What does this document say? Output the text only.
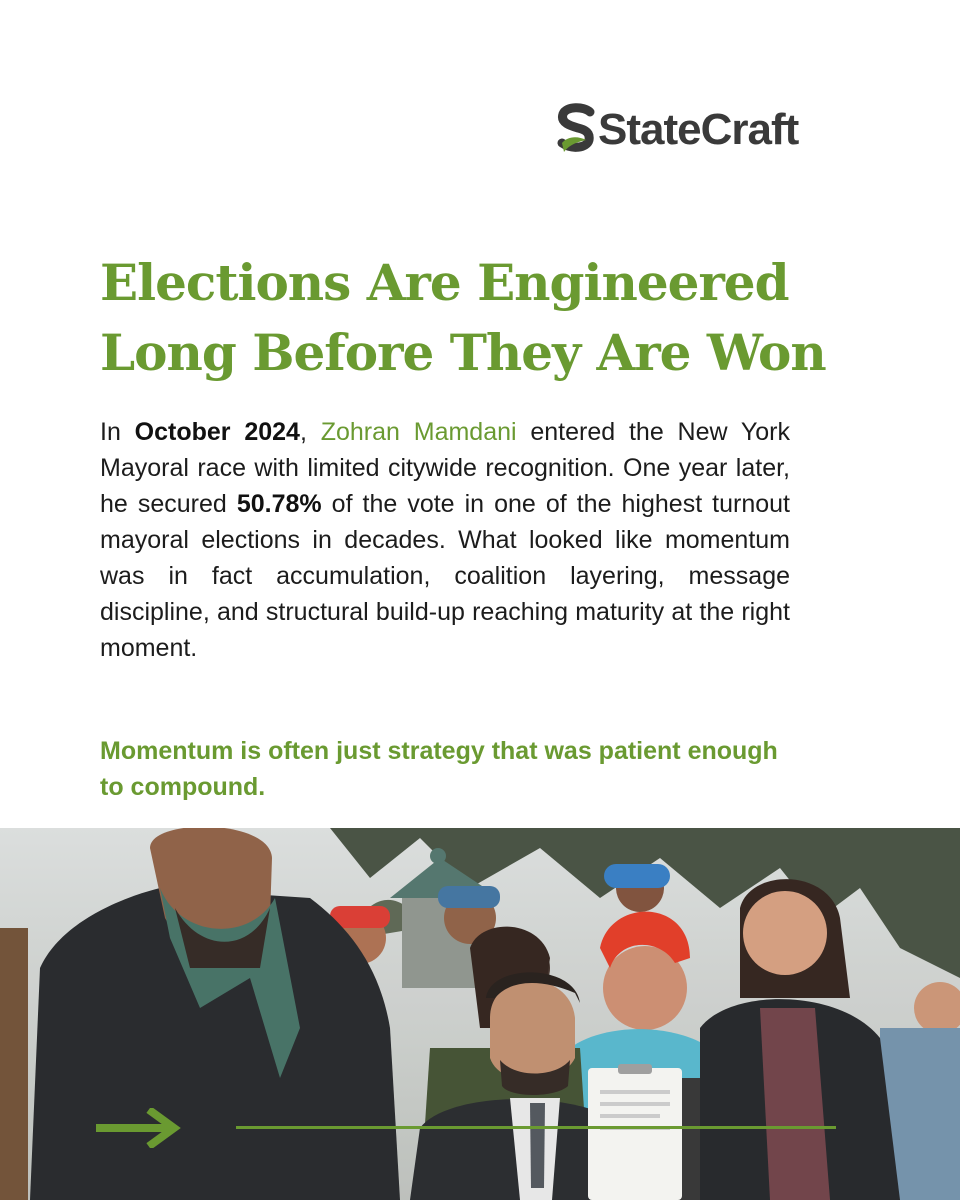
StateCraft
Elections Are Engineered
Long Before They Are Won

In October 2024, Zohran Mamdani entered the New York Mayoral race with limited citywide recognition. One year later, he secured 50.78% of the vote in one of the highest turnout mayoral elections in decades. What looked like momentum was in fact accumulation, coalition layering, message discipline, and structural build-up reaching maturity at the right moment.

Momentum is often just strategy that was patient enough to compound.
